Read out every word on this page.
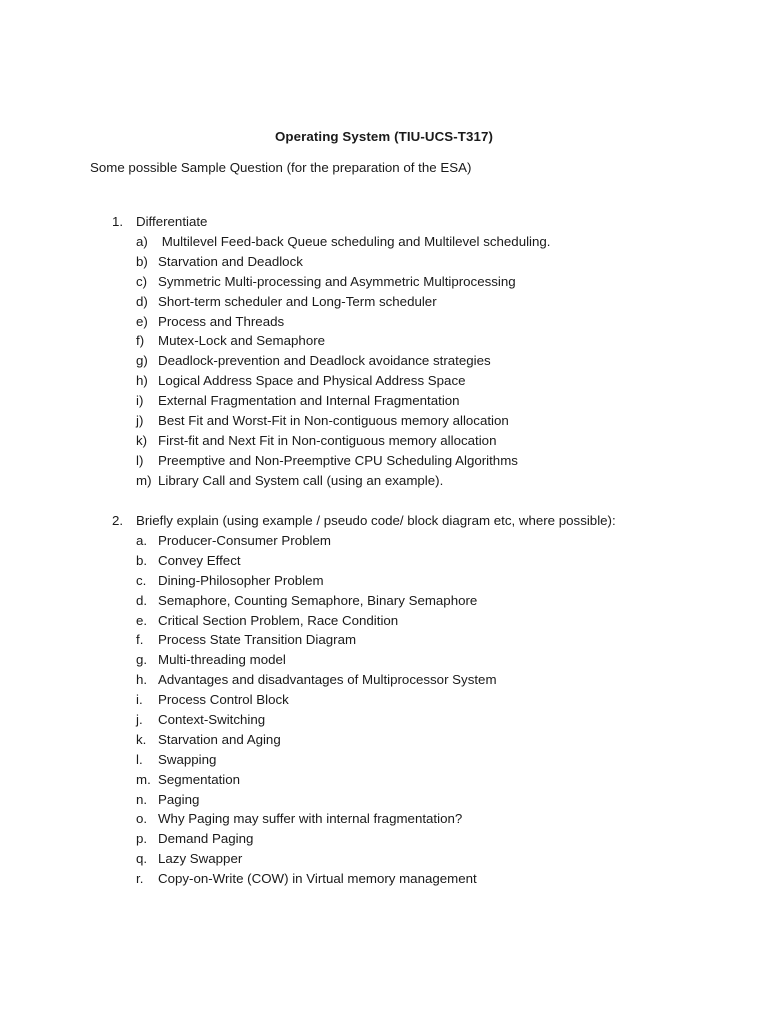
Operating System (TIU-UCS-T317)
Some possible Sample Question (for the preparation of the ESA)
1. Differentiate
a) Multilevel Feed-back Queue scheduling and Multilevel scheduling.
b) Starvation and Deadlock
c) Symmetric Multi-processing and Asymmetric Multiprocessing
d) Short-term scheduler and Long-Term scheduler
e) Process and Threads
f) Mutex-Lock and Semaphore
g) Deadlock-prevention and Deadlock avoidance strategies
h) Logical Address Space and Physical Address Space
i) External Fragmentation and Internal Fragmentation
j) Best Fit and Worst-Fit in Non-contiguous memory allocation
k) First-fit and Next Fit in Non-contiguous memory allocation
l) Preemptive and Non-Preemptive CPU Scheduling Algorithms
m) Library Call and System call (using an example).
2. Briefly explain (using example / pseudo code/ block diagram etc, where possible):
a. Producer-Consumer Problem
b. Convey Effect
c. Dining-Philosopher Problem
d. Semaphore, Counting Semaphore, Binary Semaphore
e. Critical Section Problem, Race Condition
f. Process State Transition Diagram
g. Multi-threading model
h. Advantages and disadvantages of Multiprocessor System
i. Process Control Block
j. Context-Switching
k. Starvation and Aging
l. Swapping
m. Segmentation
n. Paging
o. Why Paging may suffer with internal fragmentation?
p. Demand Paging
q. Lazy Swapper
r. Copy-on-Write (COW) in Virtual memory management
